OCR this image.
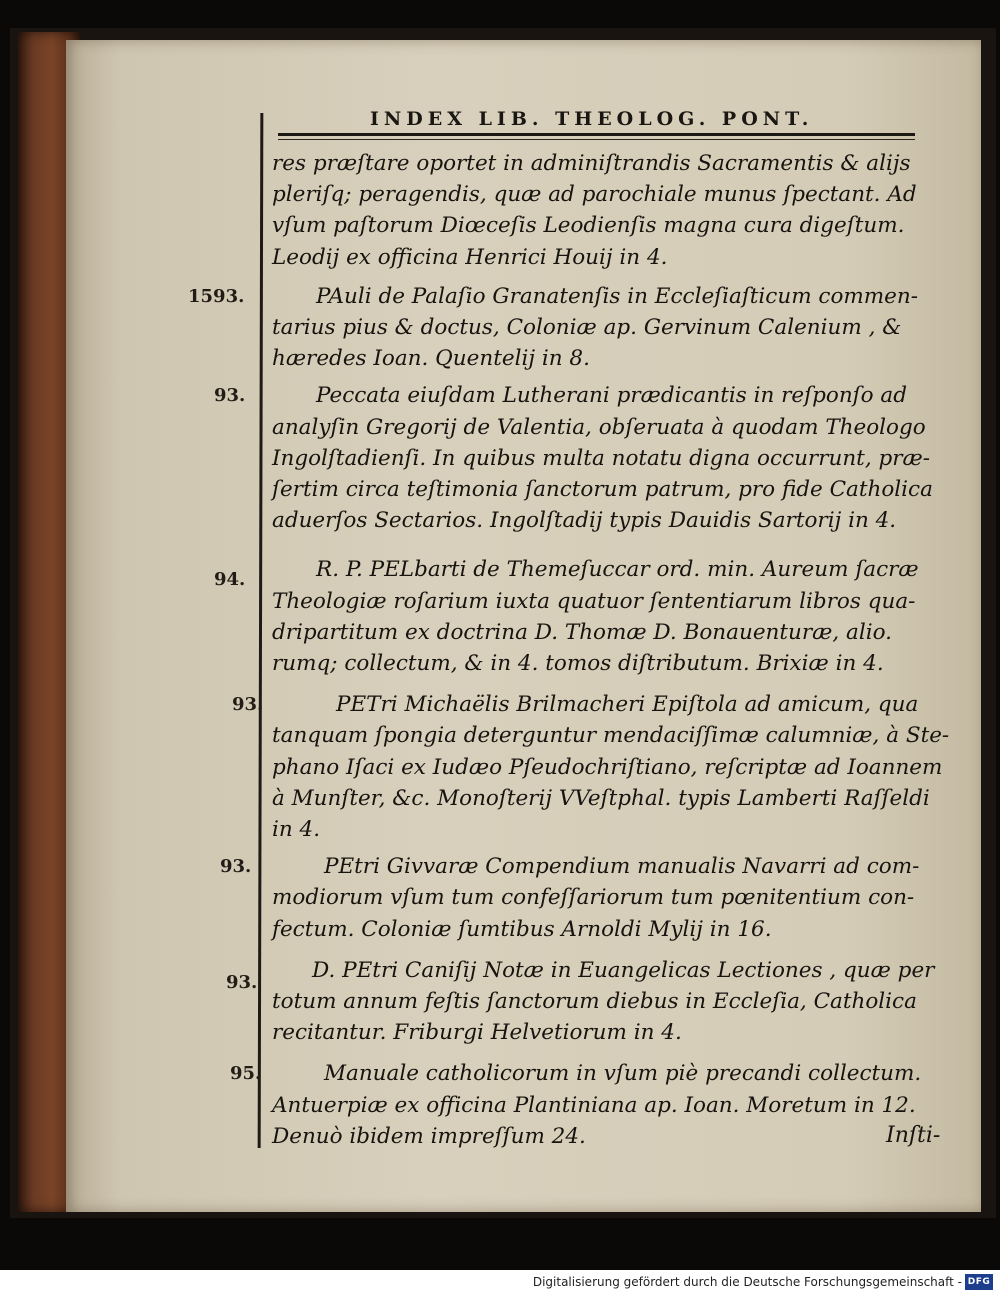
INDEX LIB. THEOLOG. PONT.
res præſtare oportet in adminiſtrandis Sacramentis & alijs
pleriſq; peragendis, quæ ad parochiale munus ſpectant. Ad
vſum paſtorum Diœceſis Leodienſis magna cura digeſtum.
Leodij ex officina Henrici Houij in 4.
1593.	PAuli de Palaſio Granatenſis in Eccleſiaſticum commen-
tarius pius & doctus, Coloniæ ap. Gervinum Calenium , &
hæredes Ioan. Quentelij in 8.
93.	Peccata eiuſdam Lutherani prædicantis in reſponſo ad
analyſin Gregorij de Valentia, obſeruata à quodam Theologo
Ingolſtadienſi. In quibus multa notatu digna occurrunt, præ-
ſertim circa teſtimonia ſanctorum patrum, pro fide Catholica
aduerſos Sectarios. Ingolſtadij typis Dauidis Sartorij in 4.
94.	R. P. PELbarti de Themeſuccar ord. min. Aureum ſacræ
Theologiæ roſarium iuxta quatuor ſententiarum libros qua-
dripartitum ex doctrina D. Thomæ D. Bonauenturæ, alio.
rumq; collectum, & in 4. tomos diſtributum. Brixiæ in 4.
93.	PETri Michaëlis Brilmacheri Epiſtola ad amicum, qua
tanquam ſpongia deterguntur mendaciſſimæ calumniæ, à Ste-
phano Iſaci ex Iudæo Pſeudochriſtiano, reſcriptæ ad Ioannem
à Munſter, &c. Monoſterij VVeſtphal. typis Lamberti Raſſeldi
in 4.
93.	PEtri Givvaræ Compendium manualis Navarri ad com-
modiorum vſum tum confeſſariorum tum pœnitentium con-
fectum. Coloniæ ſumtibus Arnoldi Mylij in 16.
93.	D. PEtri Caniſij Notæ in Euangelicas Lectiones , quæ per
totum annum feſtis ſanctorum diebus in Eccleſia, Catholica
recitantur. Friburgi Helvetiorum in 4.
95.	Manuale catholicorum in vſum piè precandi collectum.
Antuerpiæ ex officina Plantiniana ap. Ioan. Moretum in 12.
Denuò ibidem impreſſum 24.	Inſti-
Digitalisierung gefördert durch die Deutsche Forschungsgemeinschaft - DFG
